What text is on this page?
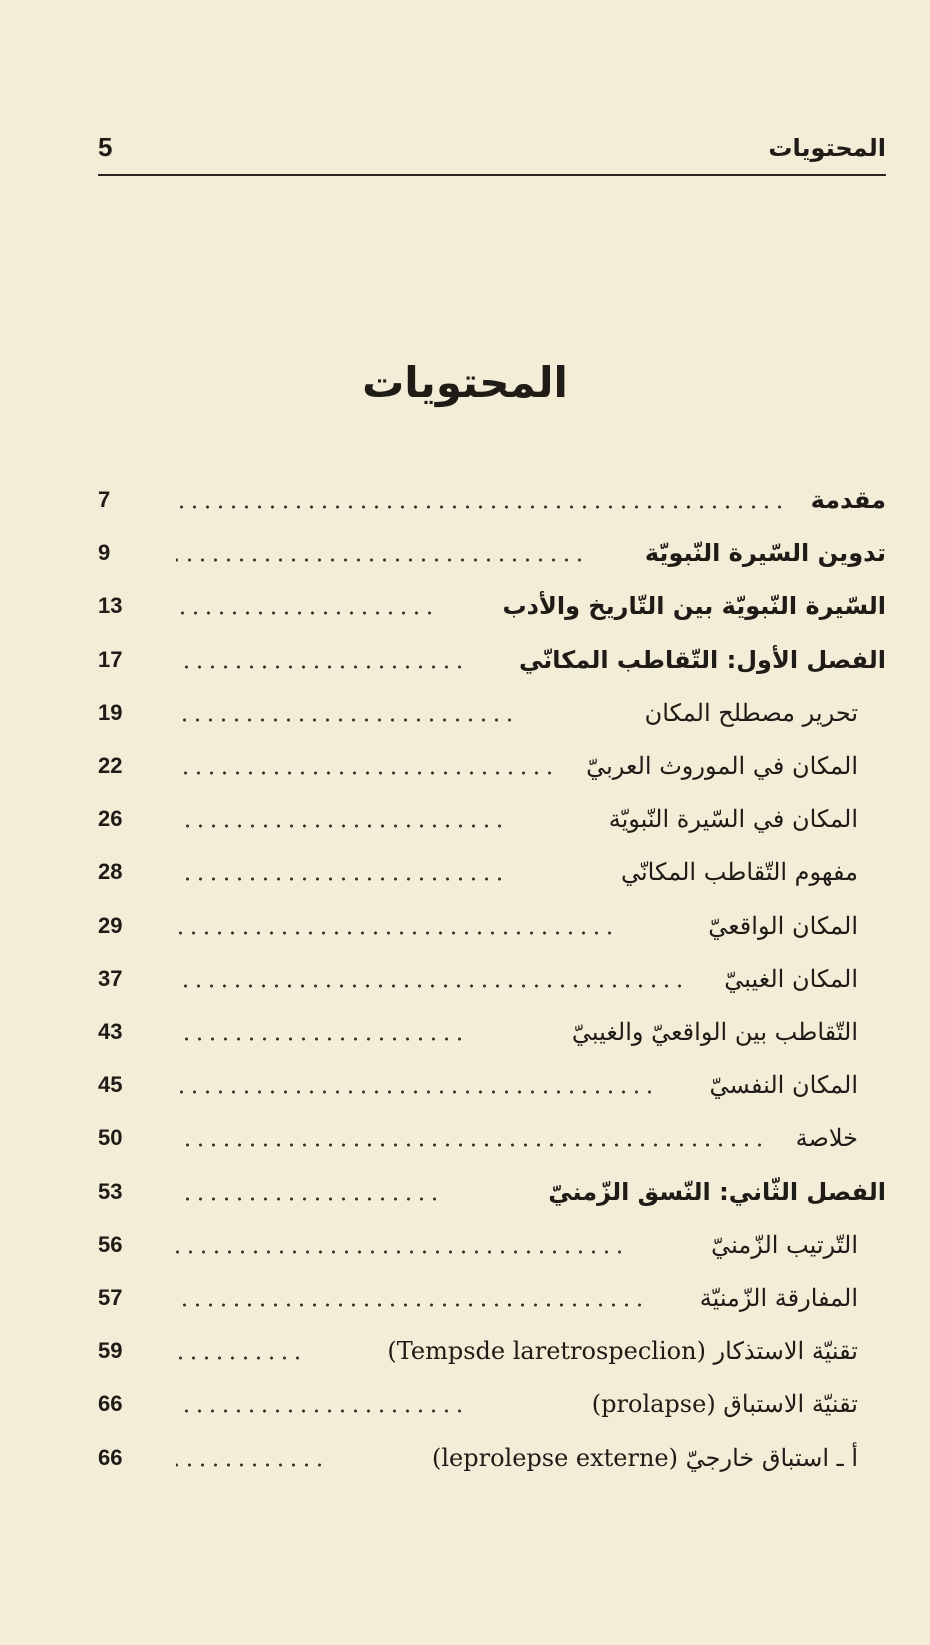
المحتويات
5
المحتويات
مقدمة
7
تدوين السّيرة النّبويّة
9
السّيرة النّبويّة بين التّاريخ والأدب
13
الفصل الأول: التّقاطب المكانّي
17
تحرير مصطلح المكان
19
المكان في الموروث العربيّ
22
المكان في السّيرة النّبويّة
26
مفهوم التّقاطب المكانّي
28
المكان الواقعيّ
29
المكان الغيبيّ
37
التّقاطب بين الواقعيّ والغيبيّ
43
المكان النفسيّ
45
خلاصة
50
الفصل الثّاني: النّسق الزّمنيّ
53
التّرتيب الزّمنيّ
56
المفارقة الزّمنيّة
57
تقنيّة الاستذكار (Tempsde laretrospeclion)
59
تقنيّة الاستباق (prolapse)
66
أ ـ استباق خارجيّ (leprolepse externe)
66
